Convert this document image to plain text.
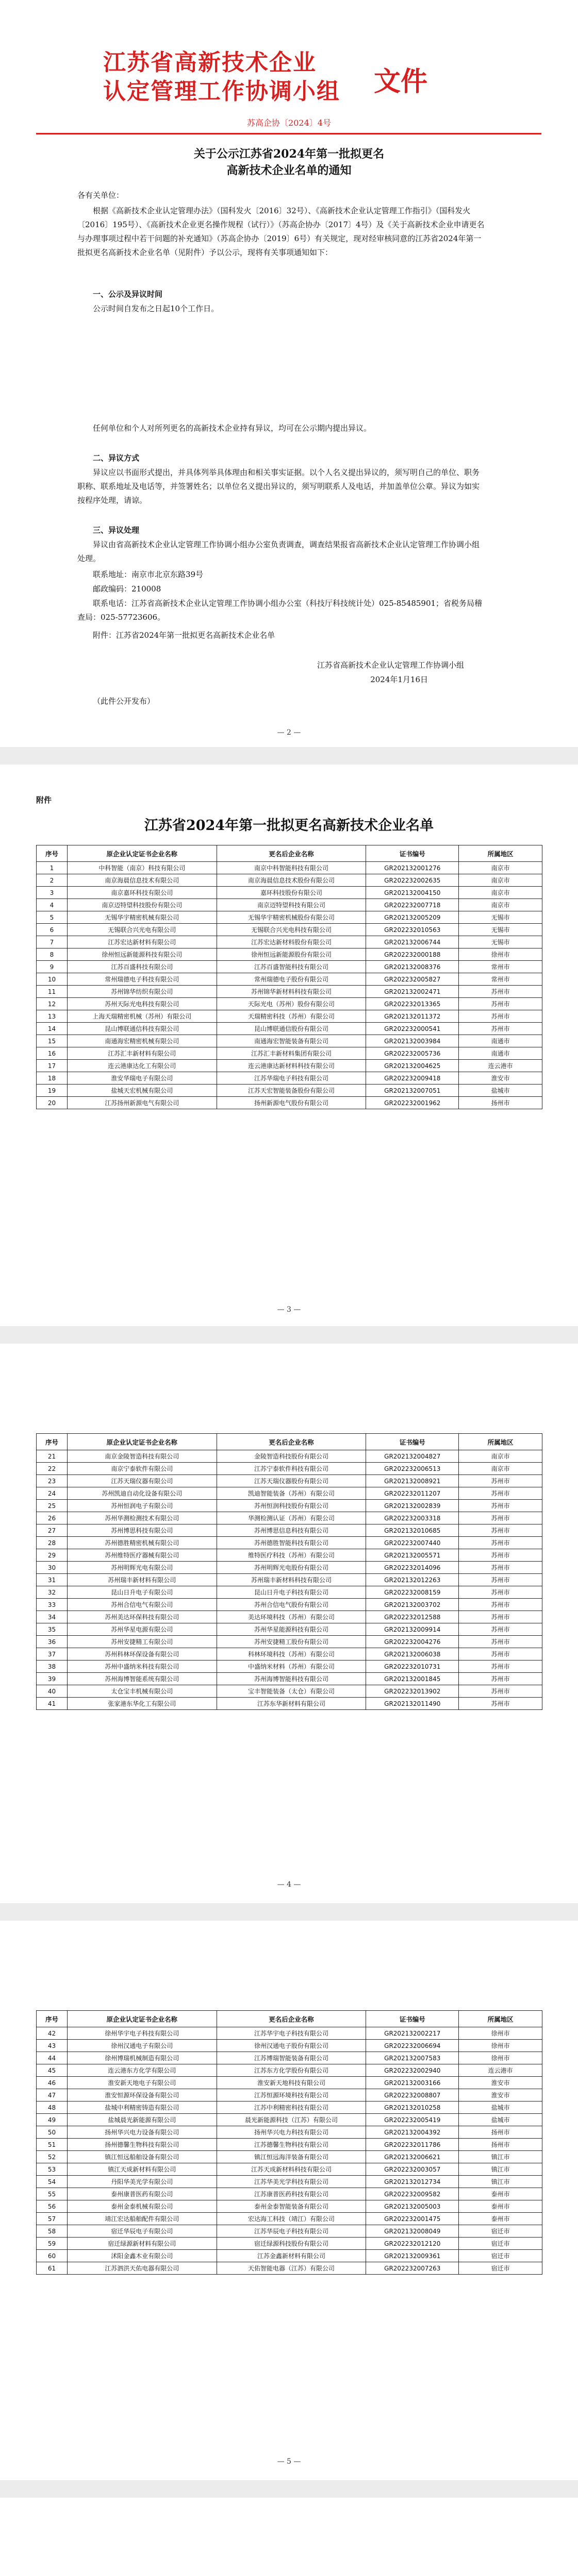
江苏省高新技术企业
认定管理工作协调小组	文件
苏高企协〔2024〕4号
关于公示江苏省2024年第一批拟更名
高新技术企业名单的通知
各有关单位：
根据《高新技术企业认定管理办法》（国科发火〔2016〕32号）、《高新技术企业认定管理工作指引》（国科发火〔2016〕195号）、《高新技术企业更名操作规程（试行）》（苏高企协办〔2017〕4号）及《关于高新技术企业申请更名与办理事项过程中若干问题的补充通知》（苏高企协办〔2019〕6号）有关规定，现对经审核同意的江苏省2024年第一批拟更名高新技术企业名单（见附件）予以公示，现将有关事项通知如下：
一、公示及异议时间
公示时间自发布之日起10个工作日。
任何单位和个人对所列更名的高新技术企业持有异议，均可在公示期内提出异议。
二、异议方式
异议应以书面形式提出，并具体列举具体理由和相关事实证据。以个人名义提出异议的，须写明自己的单位、职务职称、联系地址及电话等，并签署姓名；以单位名义提出异议的，须写明联系人及电话，并加盖单位公章。异议为如实按程序处理，请谅。
三、异议处理
异议由省高新技术企业认定管理工作协调小组办公室负责调查，调查结果报省高新技术企业认定管理工作协调小组处理。
联系地址：南京市北京东路39号
邮政编码：210008
联系电话：江苏省高新技术企业认定管理工作协调小组办公室（科技厅科技统计处）025-85485901；省税务局稽查局：025-57723606。
附件：江苏省2024年第一批拟更名高新技术企业名单
江苏省高新技术企业认定管理工作协调小组
2024年1月16日
（此件公开发布）
— 2 —
附件
江苏省2024年第一批拟更名高新技术企业名单
序号	原企业认定证书企业名称	更名后企业名称	证书编号	所属地区
1	中科智能（南京）科技有限公司	南京中科智能科技有限公司	GR202132001276	南京市
2	南京海晨信息技术有限公司	南京海晨信息技术股份有限公司	GR202232002635	南京市
3	南京嘉环科技有限公司	嘉环科技股份有限公司	GR202132004150	南京市
4	南京迈特望科技股份有限公司	南京迈特望科技有限公司	GR202232007718	南京市
5	无锡华宇精密机械有限公司	无锡华宇精密机械股份有限公司	GR202132005209	无锡市
6	无锡联合兴光电有限公司	无锡联合兴光电科技有限公司	GR202232010563	无锡市
7	江苏宏达新材料有限公司	江苏宏达新材料股份有限公司	GR202132006744	无锡市
8	徐州恒远新能源科技有限公司	徐州恒远新能源股份有限公司	GR202232000188	徐州市
9	江苏百盛科技有限公司	江苏百盛智能科技有限公司	GR202132008376	常州市
10	常州瑞德电子科技有限公司	常州瑞德电子股份有限公司	GR202232005827	常州市
11	苏州锦华纺织有限公司	苏州锦华新材料科技有限公司	GR202132002471	苏州市
12	苏州天际光电科技有限公司	天际光电（苏州）股份有限公司	GR202232013365	苏州市
13	上海天瑞精密机械（苏州）有限公司	天瑞精密科技（苏州）有限公司	GR202132011372	苏州市
14	昆山博联通信科技有限公司	昆山博联通信股份有限公司	GR202232000541	苏州市
15	南通海宏精密机械有限公司	南通海宏智能装备有限公司	GR202132003984	南通市
16	江苏汇丰新材料有限公司	江苏汇丰新材料集团有限公司	GR202232005736	南通市
17	连云港康达化工有限公司	连云港康达新材料科技有限公司	GR202132004625	连云港市
18	淮安华瑞电子有限公司	江苏华瑞电子科技有限公司	GR202232009418	淮安市
19	盐城天宏机械有限公司	江苏天宏智能装备股份有限公司	GR202132007051	盐城市
20	江苏扬州新源电气有限公司	扬州新源电气股份有限公司	GR202232001962	扬州市
— 3 —
序号	原企业认定证书企业名称	更名后企业名称	证书编号	所属地区
21	南京金陵智造科技有限公司	金陵智造科技股份有限公司	GR202132004827	南京市
22	南京宁泰软件有限公司	江苏宁泰软件科技有限公司	GR202232006513	南京市
23	江苏天瑞仪器有限公司	江苏天瑞仪器股份有限公司	GR202132008921	苏州市
24	苏州凯迪自动化设备有限公司	凯迪智能装备（苏州）有限公司	GR202232011207	苏州市
25	苏州恒润电子有限公司	苏州恒润科技股份有限公司	GR202132002839	苏州市
26	苏州华测检测技术有限公司	华测检测认证（苏州）有限公司	GR202232003318	苏州市
27	苏州博思科技有限公司	苏州博思信息科技有限公司	GR202132010685	苏州市
28	苏州德胜精密机械有限公司	苏州德胜智能科技有限公司	GR202232007440	苏州市
29	苏州维特医疗器械有限公司	维特医疗科技（苏州）有限公司	GR202132005571	苏州市
30	苏州明辉光电有限公司	苏州明辉光电股份有限公司	GR202232014096	苏州市
31	苏州瑞丰新材料有限公司	苏州瑞丰新材料科技有限公司	GR202132012263	苏州市
32	昆山日升电子有限公司	昆山日升电子科技有限公司	GR202232008159	苏州市
33	苏州合信电气有限公司	苏州合信电气股份有限公司	GR202132003702	苏州市
34	苏州美达环保科技有限公司	美达环境科技（苏州）有限公司	GR202232012588	苏州市
35	苏州华星电源有限公司	苏州华星能源科技有限公司	GR202132009914	苏州市
36	苏州安捷精工有限公司	苏州安捷精工股份有限公司	GR202232004276	苏州市
37	苏州科林环保设备有限公司	科林环境科技（苏州）有限公司	GR202132006038	苏州市
38	苏州中盛纳米科技有限公司	中盛纳米材料（苏州）有限公司	GR202232010731	苏州市
39	苏州海博智能系统有限公司	苏州海博智能科技有限公司	GR202132001845	苏州市
40	太仓宝丰机械有限公司	宝丰智能装备（太仓）有限公司	GR202232013902	苏州市
41	张家港东华化工有限公司	江苏东华新材料有限公司	GR202132011490	苏州市
— 4 —
序号	原企业认定证书企业名称	更名后企业名称	证书编号	所属地区
42	徐州华宇电子科技有限公司	江苏华宇电子科技有限公司	GR202132002217	徐州市
43	徐州汉通电子有限公司	徐州汉通电子股份有限公司	GR202232006694	徐州市
44	徐州博瑞机械制造有限公司	江苏博瑞智能装备有限公司	GR202132007583	徐州市
45	连云港东方化学有限公司	江苏东方化学股份有限公司	GR202232002940	连云港市
46	淮安新天地电子有限公司	淮安新天地科技有限公司	GR202132003166	淮安市
47	淮安恒源环保设备有限公司	江苏恒源环境科技有限公司	GR202232008807	淮安市
48	盐城中利精密铸造有限公司	江苏中利精密科技有限公司	GR202132010258	盐城市
49	盐城晨光新能源有限公司	晨光新能源科技（江苏）有限公司	GR202232005419	盐城市
50	扬州华兴电力设备有限公司	扬州华兴电力科技有限公司	GR202132004392	扬州市
51	扬州德馨生物科技有限公司	江苏德馨生物科技有限公司	GR202232011786	扬州市
52	镇江恒远船舶设备有限公司	镇江恒远海洋装备有限公司	GR202132006621	镇江市
53	镇江天成新材料有限公司	江苏天成新材料科技有限公司	GR202232003057	镇江市
54	丹阳华美光学有限公司	江苏华美光学科技有限公司	GR202132012734	镇江市
55	泰州康普医药有限公司	江苏康普医药科技有限公司	GR202232009582	泰州市
56	泰州金泰机械有限公司	泰州金泰智能装备有限公司	GR202132005003	泰州市
57	靖江宏达船舶配件有限公司	宏达海工科技（靖江）有限公司	GR202232001475	泰州市
58	宿迁华辰电子有限公司	江苏华辰电子科技有限公司	GR202132008049	宿迁市
59	宿迁绿源新材料有限公司	宿迁绿源科技股份有限公司	GR202232012120	宿迁市
60	沭阳金鑫木业有限公司	江苏金鑫新材料有限公司	GR202132009361	宿迁市
61	江苏泗洪天佑电器有限公司	天佑智能电器（江苏）有限公司	GR202232007263	宿迁市
— 5 —
